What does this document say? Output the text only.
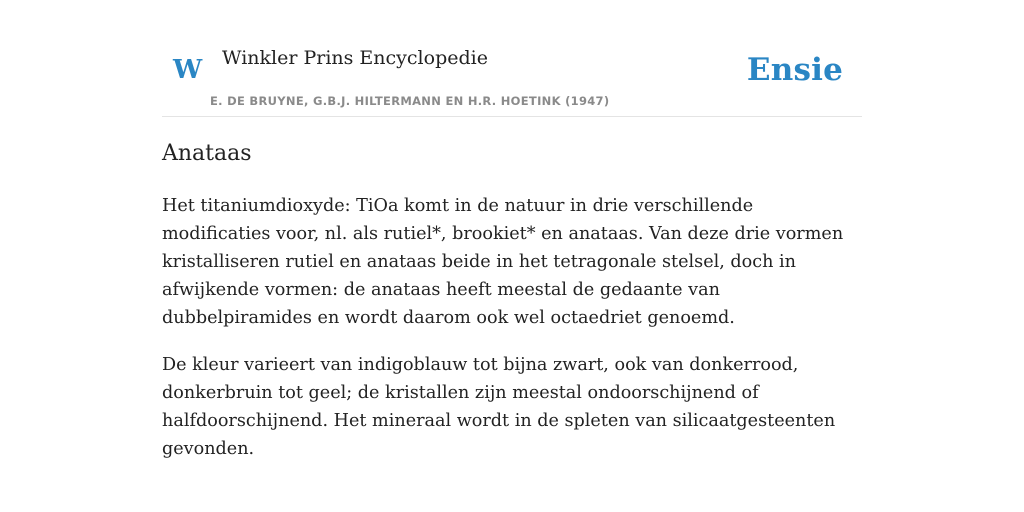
W Winkler Prins Encyclopedie
E. DE BRUYNE, G.B.J. HILTERMANN EN H.R. HOETINK (1947)
Ensie
Anataas

Het titaniumdioxyde: TiOa komt in de natuur in drie verschillende modificaties voor, nl. als rutiel*, brookiet* en anataas. Van deze drie vormen kristalliseren rutiel en anataas beide in het tetragonale stelsel, doch in afwijkende vormen: de anataas heeft meestal de gedaante van dubbelpiramides en wordt daarom ook wel octaedriet genoemd.

De kleur varieert van indigoblauw tot bijna zwart, ook van donkerrood, donkerbruin tot geel; de kristallen zijn meestal ondoorschijnend of halfdoorschijnend. Het mineraal wordt in de spleten van silicaatgesteenten gevonden.
